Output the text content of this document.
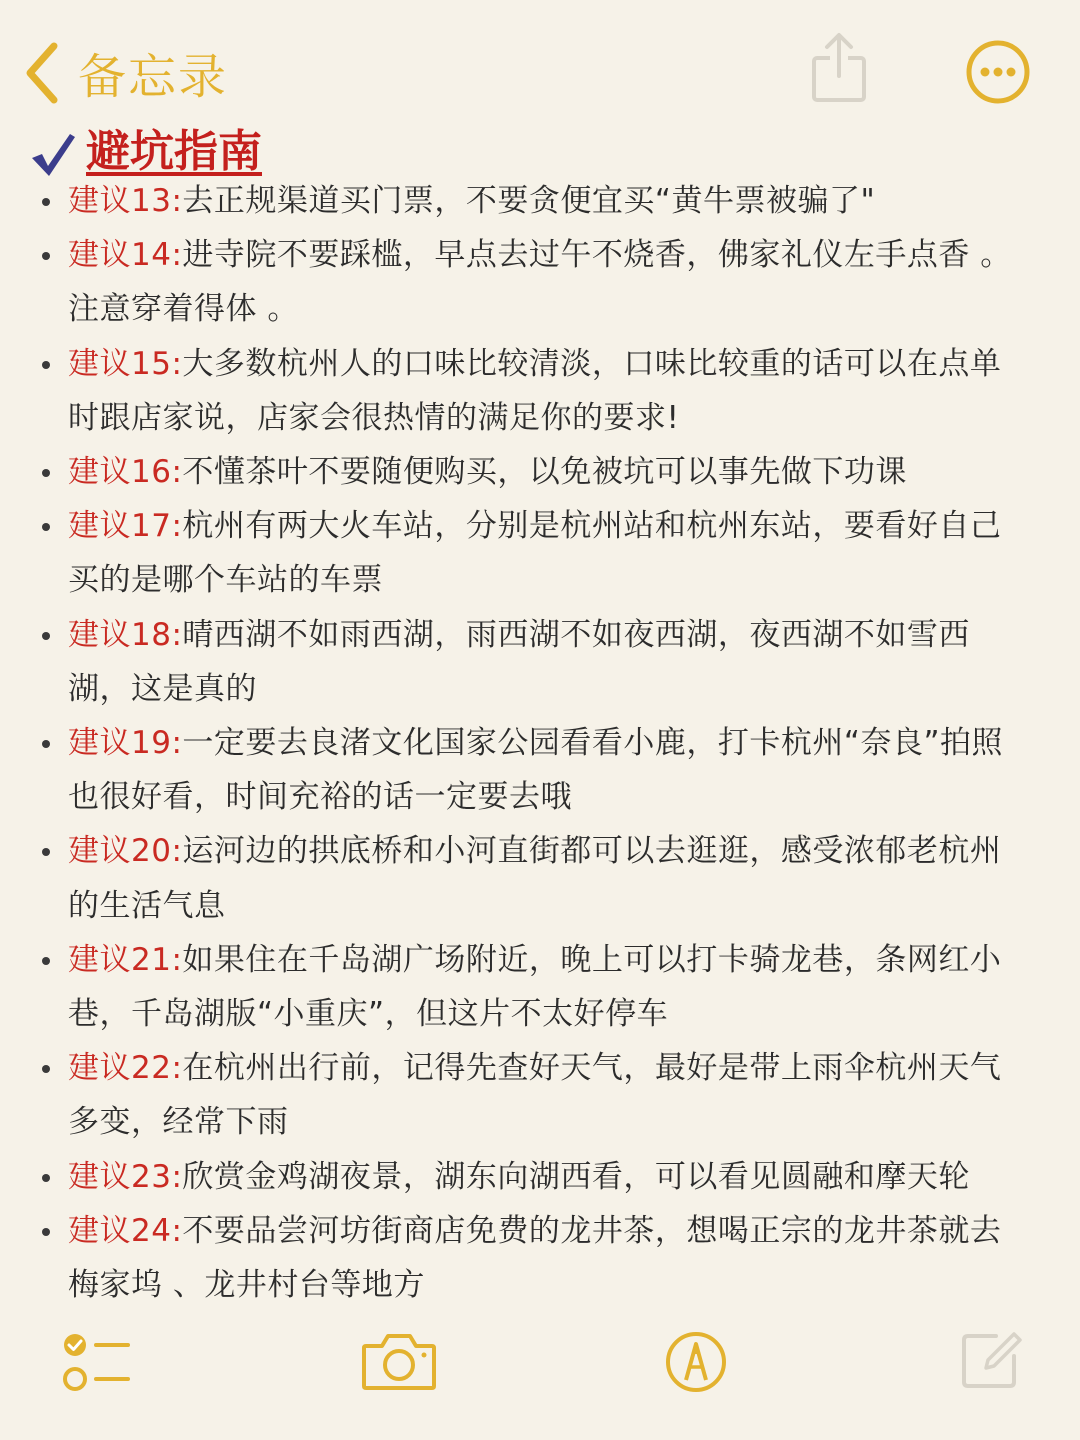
备忘录
避坑指南
建议13:去正规渠道买门票，不要贪便宜买“黄牛票被骗了"
建议14:进寺院不要踩槛，早点去过午不烧香，佛家礼仪左手点香 。注意穿着得体 。
建议15:大多数杭州人的口味比较清淡，口味比较重的话可以在点单时跟店家说，店家会很热情的满足你的要求!
建议16:不懂茶叶不要随便购买，以免被坑可以事先做下功课
建议17:杭州有两大火车站，分别是杭州站和杭州东站，要看好自己买的是哪个车站的车票
建议18:晴西湖不如雨西湖，雨西湖不如夜西湖，夜西湖不如雪西湖，这是真的
建议19:一定要去良渚文化国家公园看看小鹿，打卡杭州“奈良”拍照也很好看，时间充裕的话一定要去哦
建议20:运河边的拱底桥和小河直街都可以去逛逛，感受浓郁老杭州的生活气息
建议21:如果住在千岛湖广场附近，晚上可以打卡骑龙巷，条网红小巷，千岛湖版“小重庆”，但这片不太好停车
建议22:在杭州出行前，记得先查好天气，最好是带上雨伞杭州天气多变，经常下雨
建议23:欣赏金鸡湖夜景，湖东向湖西看，可以看见圆融和摩天轮
建议24:不要品尝河坊街商店免费的龙井茶，想喝正宗的龙井茶就去梅家坞 、龙井村台等地方
